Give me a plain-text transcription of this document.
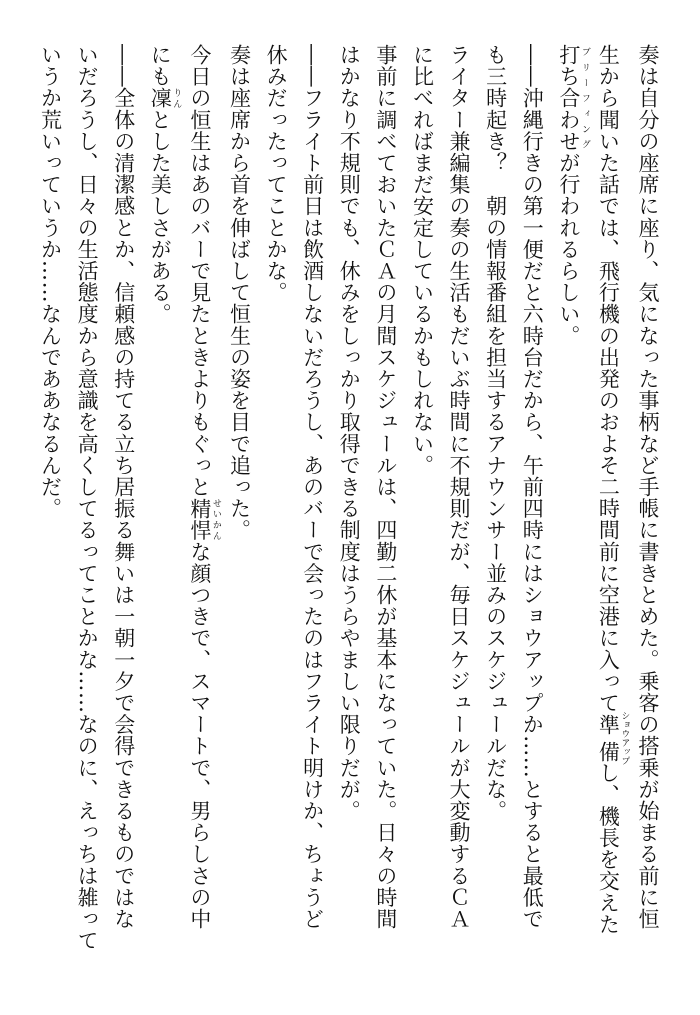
奏は自分の座席に座り、気になった事柄など手帳に書きとめた。乗客の搭乗が始まる前に恒
生から聞いた話では、飛行機の出発のおよそ二時間前に空港に入って準備 ショウアップし、機長を交えた
打ち合わせ ブリーフィングが行われるらしい。
――沖縄行きの第一便だと六時台だから、午前四時にはショウアップか……とすると最低で
も三時起き？　朝の情報番組を担当するアナウンサー並みのスケジュールだな。
ライター兼編集の奏の生活もだいぶ時間に不規則だが、毎日スケジュールが大変動するＣＡ
に比べればまだ安定しているかもしれない。
事前に調べておいたＣＡの月間スケジュールは、四勤二休が基本になっていた。日々の時間
はかなり不規則でも、休みをしっかり取得できる制度はうらやましい限りだが。
――フライト前日は飲酒しないだろうし、あのバーで会ったのはフライト明けか、ちょうど
休みだったってことかな。
奏は座席から首を伸ばして恒生の姿を目で追った。
今日の恒生はあのバーで見たときよりもぐっと精悍 せいかんな顔つきで、スマートで、男らしさの中
にも凜 りんとした美しさがある。
――全体の清潔感とか、信頼感の持てる立ち居振る舞いは一朝一夕で会得できるものではな
いだろうし、日々の生活態度から意識を高くしてるってことかな……なのに、えっちは雑って
いうか荒いっていうか……なんでああなるんだ。
